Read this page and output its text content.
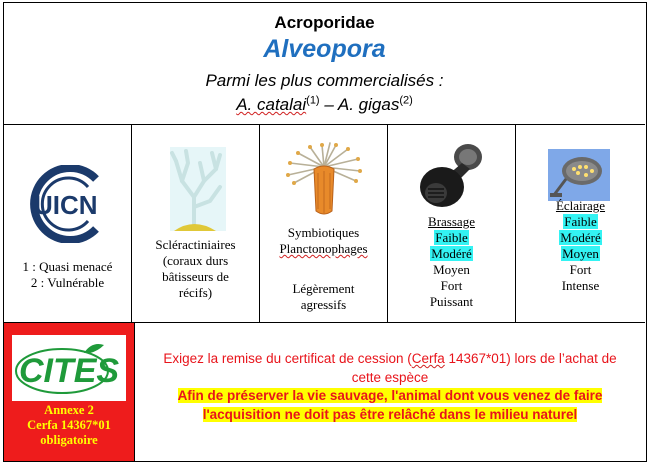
Acroporidae
Alveopora
Parmi les plus commercialisés :
A. catalai$^{(1)}$ – A. gigas$^{(2)}$
UICN
1 : Quasi menacé
2 : Vulnérable
Scléractiniaires
(coraux durs
bâtisseurs de
récifs)
Symbiotiques
Planctonophages
Légèrement
agressifs
Brassage
Faible
Modéré
Moyen
Fort
Puissant
Éclairage
Faible
Modéré
Moyen
Fort
Intense
CITES
Annexe 2
Cerfa 14367*01
obligatoire
Exigez la remise du certificat de cession (Cerfa 14367*01) lors de l’achat de
cette espèce
Afin de préserver la vie sauvage, l'animal dont vous venez de faire
l'acquisition ne doit pas être relâché dans le milieu naturel
